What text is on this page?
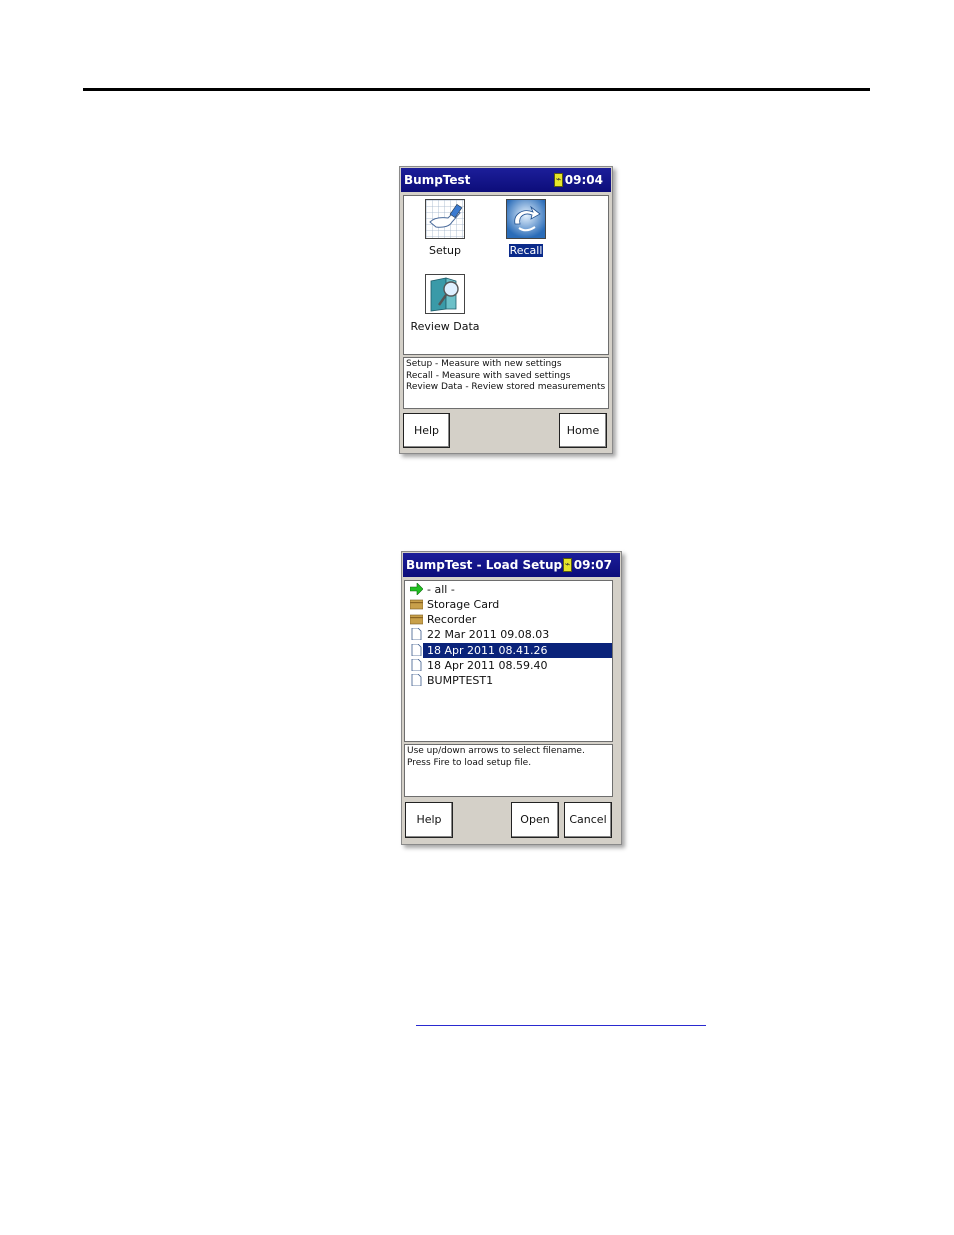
BumpTest	⌁ 09:04
Setup	Recall
Review Data
Setup - Measure with new settings
Recall - Measure with saved settings
Review Data - Review stored measurements
Help	Home
BumpTest - Load Setup ⌁ 09:07
- all -
Storage Card
Recorder
22 Mar 2011 09.08.03
18 Apr 2011 08.41.26
18 Apr 2011 08.59.40
BUMPTEST1
Use up/down arrows to select filename.
Press Fire to load setup file.
Help	Open	Cancel
